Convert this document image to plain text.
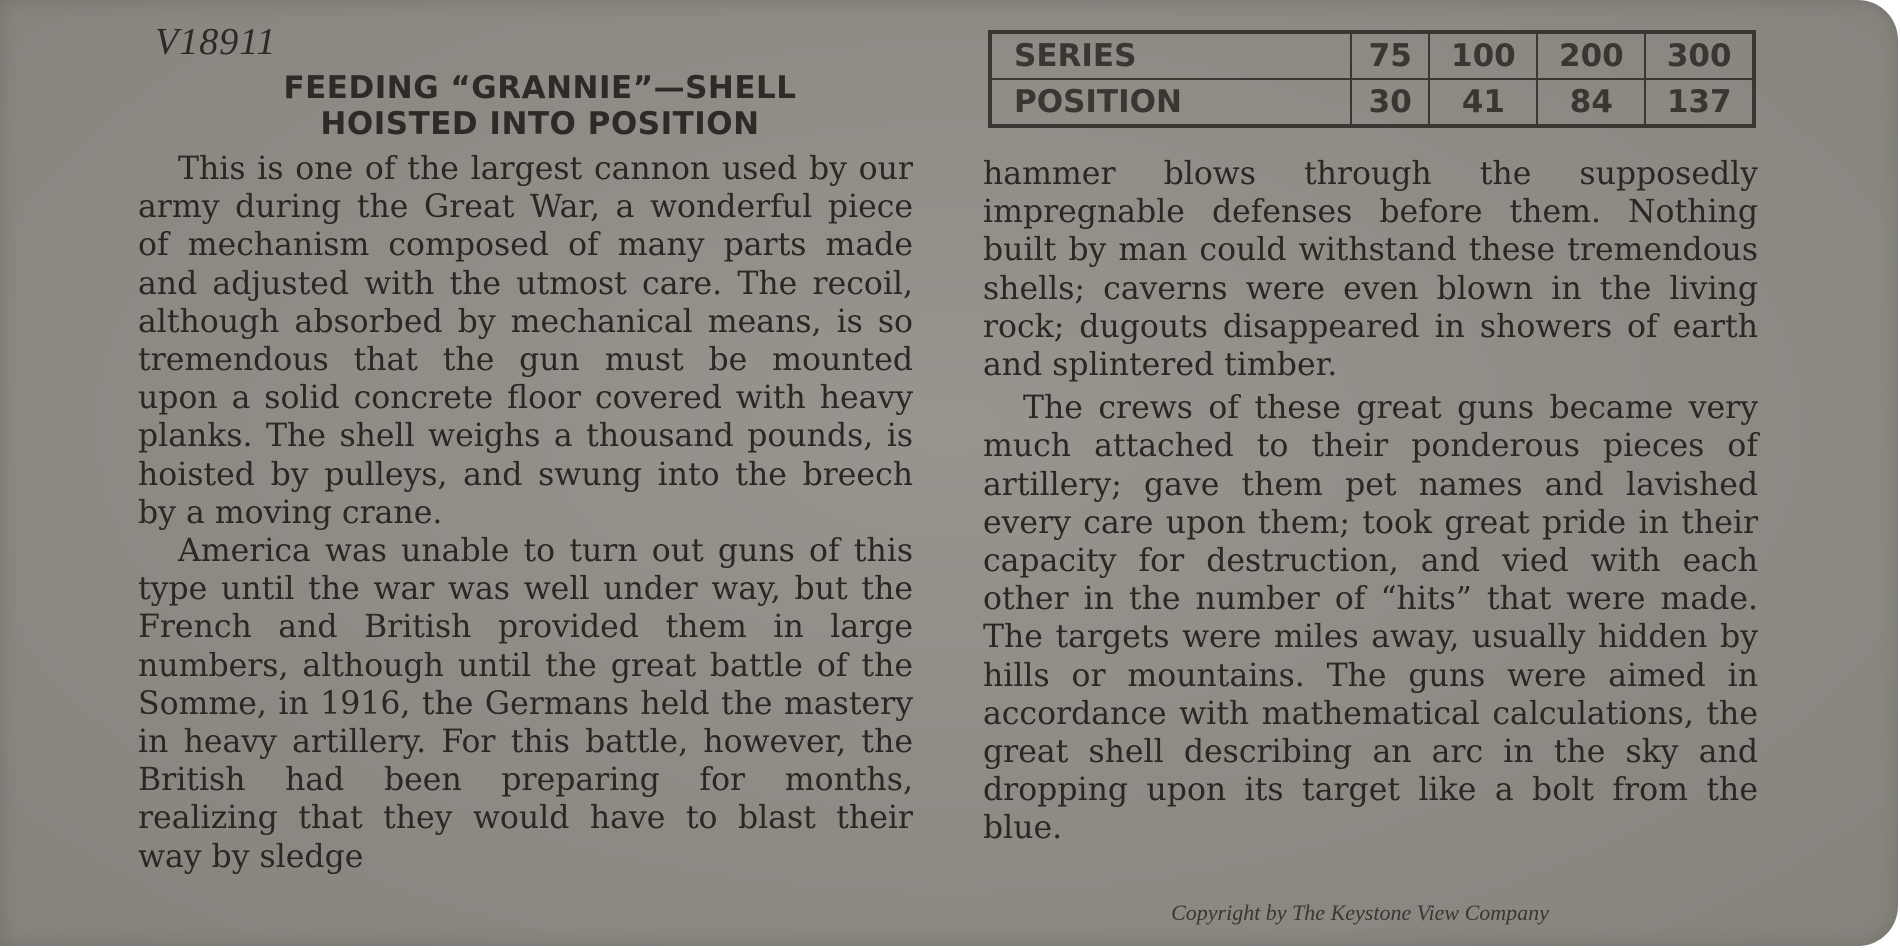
V18911
FEEDING “GRANNIE”—SHELL
HOISTED INTO POSITION
SERIES	75	100	200	300
POSITION	30	41	84	137

This is one of the largest cannon used by our army during the Great War, a wonderful piece of mechanism composed of many parts made and adjusted with the utmost care. The recoil, although absorbed by mechanical means, is so tremendous that the gun must be mounted upon a solid concrete floor covered with heavy planks. The shell weighs a thousand pounds, is hoisted by pulleys, and swung into the breech by a moving crane.

America was unable to turn out guns of this type until the war was well under way, but the French and British provided them in large numbers, although until the great battle of the Somme, in 1916, the Germans held the mastery in heavy artillery. For this battle, however, the British had been preparing for months, realizing that they would have to blast their way by sledge

hammer blows through the supposedly impregnable defenses before them. Nothing built by man could withstand these tremendous shells; caverns were even blown in the living rock; dugouts disappeared in showers of earth and splintered timber.

The crews of these great guns became very much attached to their ponderous pieces of artillery; gave them pet names and lavished every care upon them; took great pride in their capacity for destruction, and vied with each other in the number of “hits” that were made. The targets were miles away, usually hidden by hills or mountains. The guns were aimed in accordance with mathematical calculations, the great shell describing an arc in the sky and dropping upon its target like a bolt from the blue.

Copyright by The Keystone View Company
